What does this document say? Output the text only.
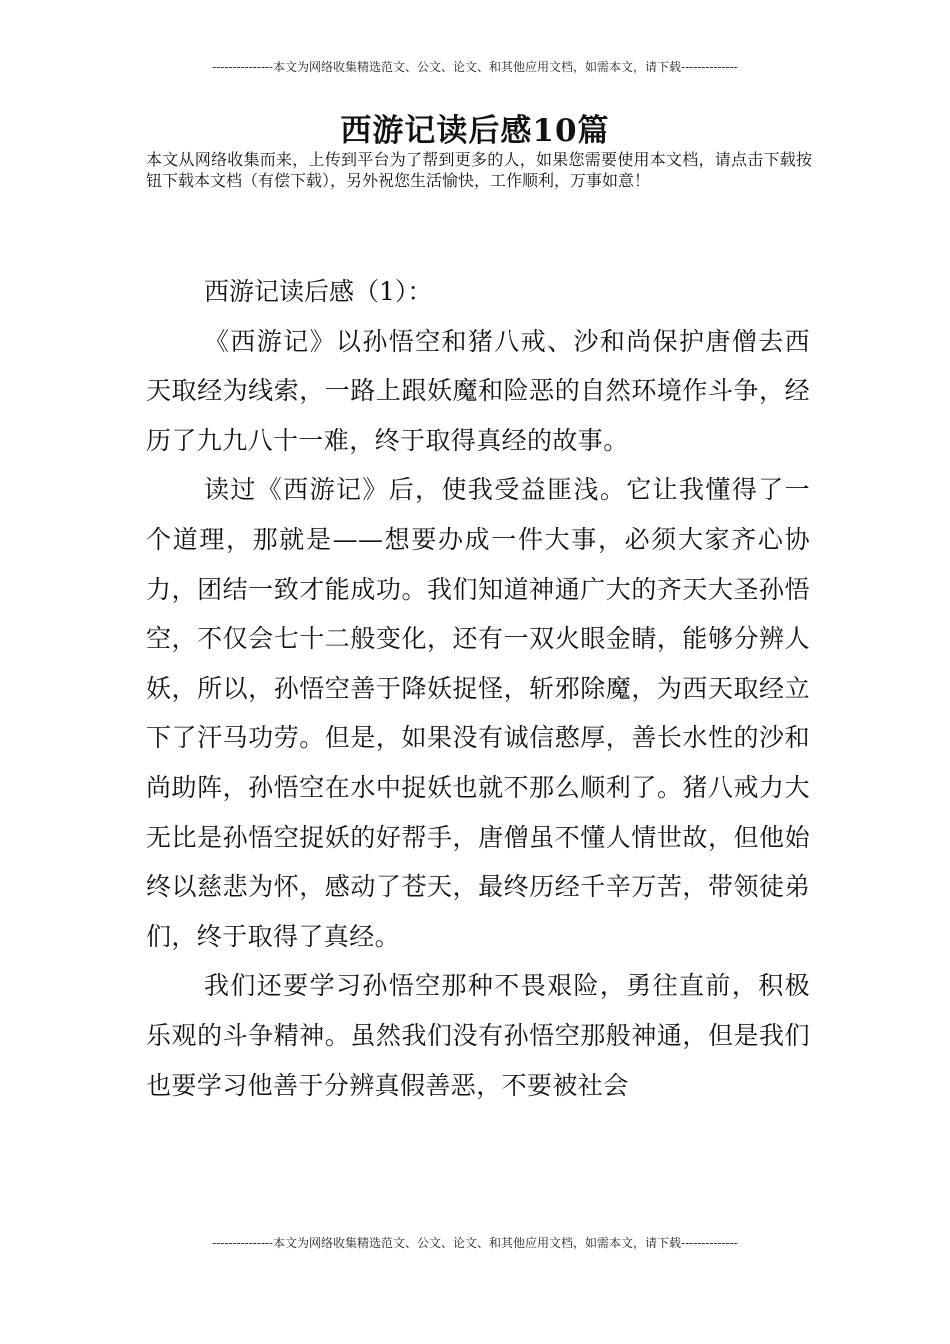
---------------本文为网络收集精选范文、公文、论文、和其他应用文档，如需本文，请下载--------------
西游记读后感10篇

本文从网络收集而来，上传到平台为了帮到更多的人，如果您需要使用本文档，请点击下载按钮下载本文档（有偿下载），另外祝您生活愉快，工作顺利，万事如意！

西游记读后感（1）：

《西游记》以孙悟空和猪八戒、沙和尚保护唐僧去西天取经为线索，一路上跟妖魔和险恶的自然环境作斗争，经历了九九八十一难，终于取得真经的故事。

读过《西游记》后，使我受益匪浅。它让我懂得了一个道理，那就是——想要办成一件大事，必须大家齐心协力，团结一致才能成功。我们知道神通广大的齐天大圣孙悟空，不仅会七十二般变化，还有一双火眼金睛，能够分辨人妖，所以，孙悟空善于降妖捉怪，斩邪除魔，为西天取经立下了汗马功劳。但是，如果没有诚信憨厚，善长水性的沙和尚助阵，孙悟空在水中捉妖也就不那么顺利了。猪八戒力大无比是孙悟空捉妖的好帮手，唐僧虽不懂人情世故，但他始终以慈悲为怀，感动了苍天，最终历经千辛万苦，带领徒弟们，终于取得了真经。

我们还要学习孙悟空那种不畏艰险，勇往直前，积极乐观的斗争精神。虽然我们没有孙悟空那般神通，但是我们也要学习他善于分辨真假善恶，不要被社会

---------------本文为网络收集精选范文、公文、论文、和其他应用文档，如需本文，请下载--------------
